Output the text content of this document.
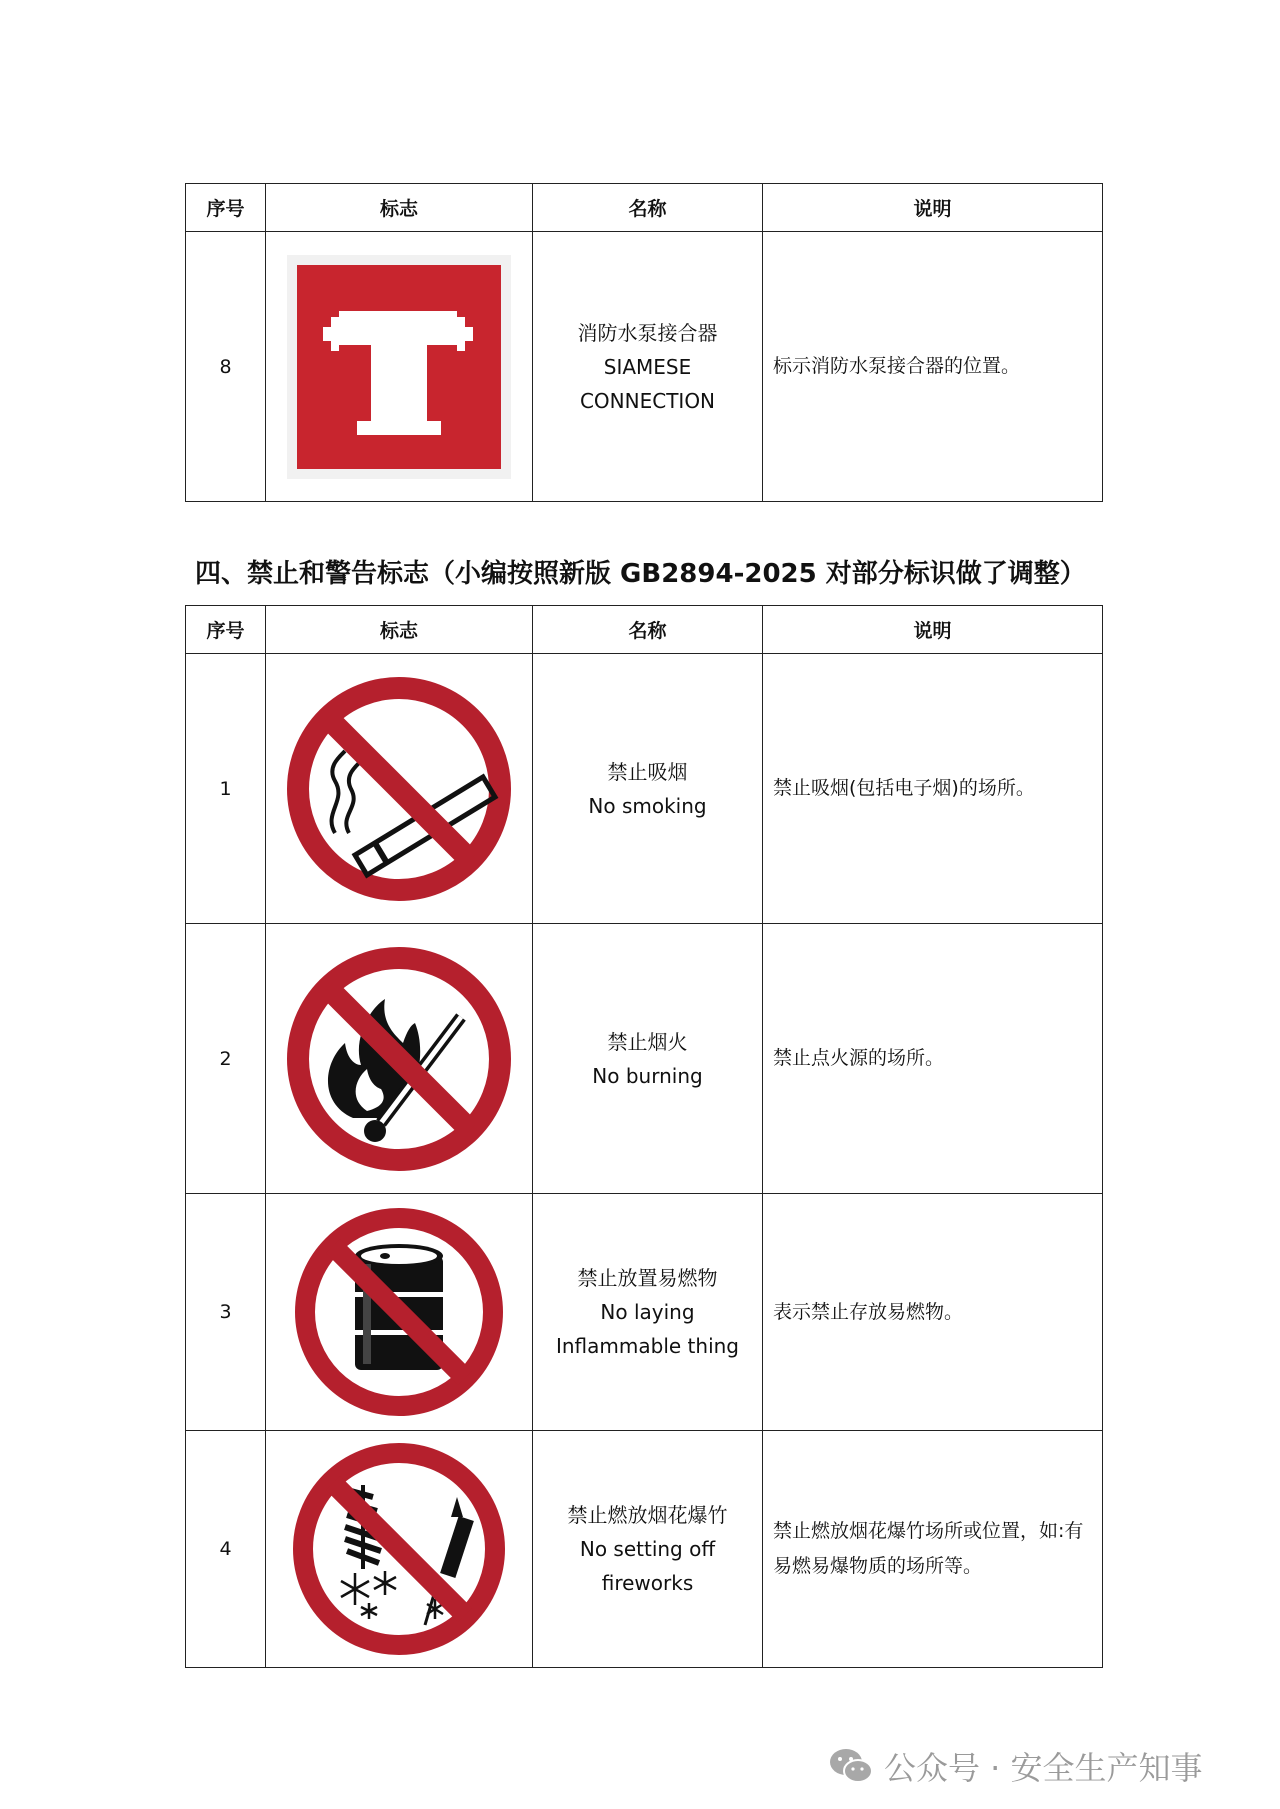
序号	标志	名称	说明
8		消防水泵接合器
SIAMESE
CONNECTION	标示消防水泵接合器的位置。
四、禁止和警告标志（小编按照新版 GB2894-2025 对部分标识做了调整）
序号	标志	名称	说明
1		禁止吸烟
No smoking	禁止吸烟(包括电子烟)的场所。
2		禁止烟火
No burning	禁止点火源的场所。
3		禁止放置易燃物
No laying
Inflammable thing	表示禁止存放易燃物。
4		禁止燃放烟花爆竹
No setting off
fireworks	禁止燃放烟花爆竹场所或位置，如:有易燃易爆物质的场所等。
公众号 · 安全生产知事
